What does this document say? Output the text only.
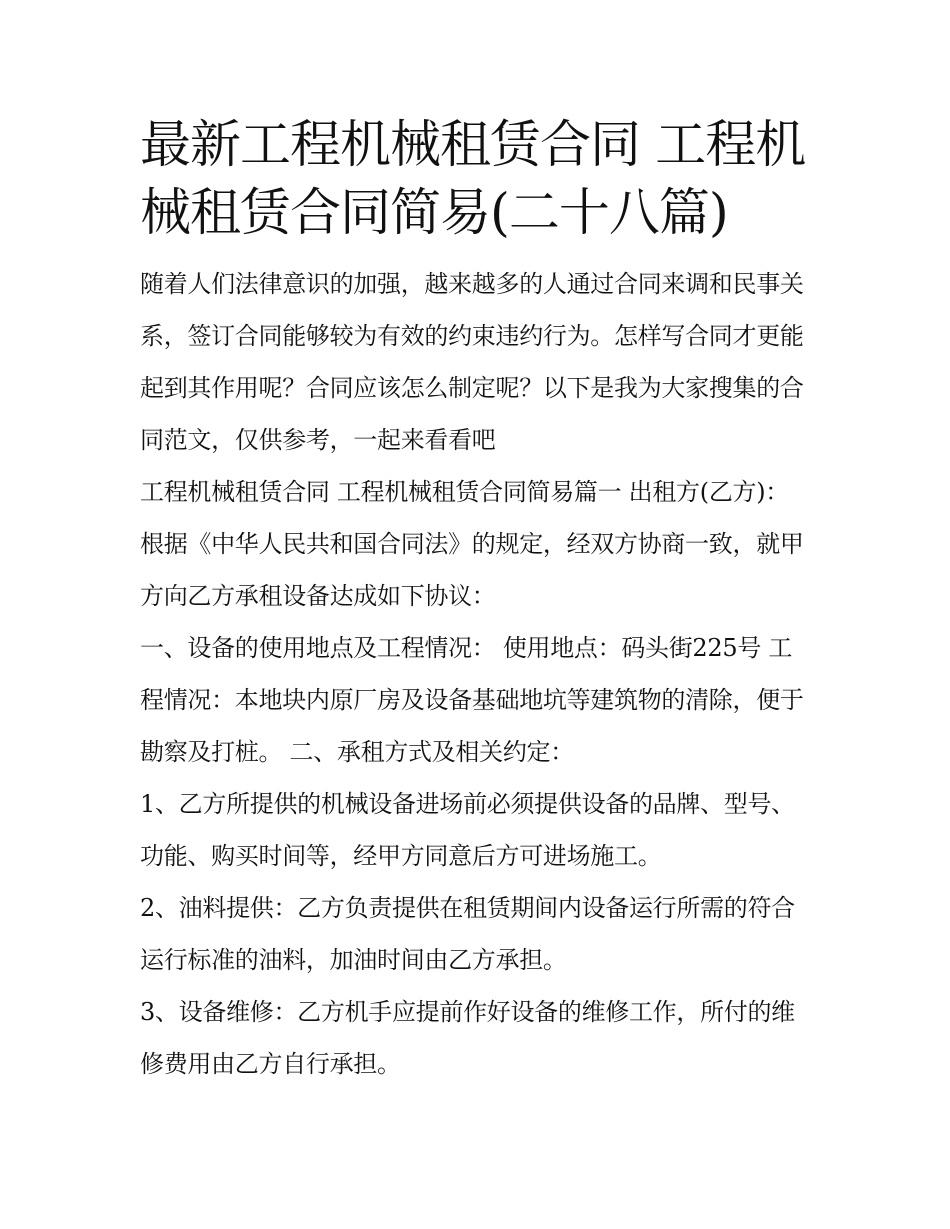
最新工程机械租赁合同 工程机械租赁合同简易(二十八篇)

随着人们法律意识的加强，越来越多的人通过合同来调和民事关系，签订合同能够较为有效的约束违约行为。怎样写合同才更能起到其作用呢？合同应该怎么制定呢？以下是我为大家搜集的合同范文，仅供参考，一起来看看吧

工程机械租赁合同 工程机械租赁合同简易篇一 出租方(乙方)： 根据《中华人民共和国合同法》的规定，经双方协商一致，就甲方向乙方承租设备达成如下协议：

一、设备的使用地点及工程情况： 使用地点：码头街225号 工程情况：本地块内原厂房及设备基础地坑等建筑物的清除，便于勘察及打桩。 二、承租方式及相关约定：

1、乙方所提供的机械设备进场前必须提供设备的品牌、型号、功能、购买时间等，经甲方同意后方可进场施工。

2、油料提供：乙方负责提供在租赁期间内设备运行所需的符合运行标准的油料，加油时间由乙方承担。

3、设备维修：乙方机手应提前作好设备的维修工作，所付的维修费用由乙方自行承担。
